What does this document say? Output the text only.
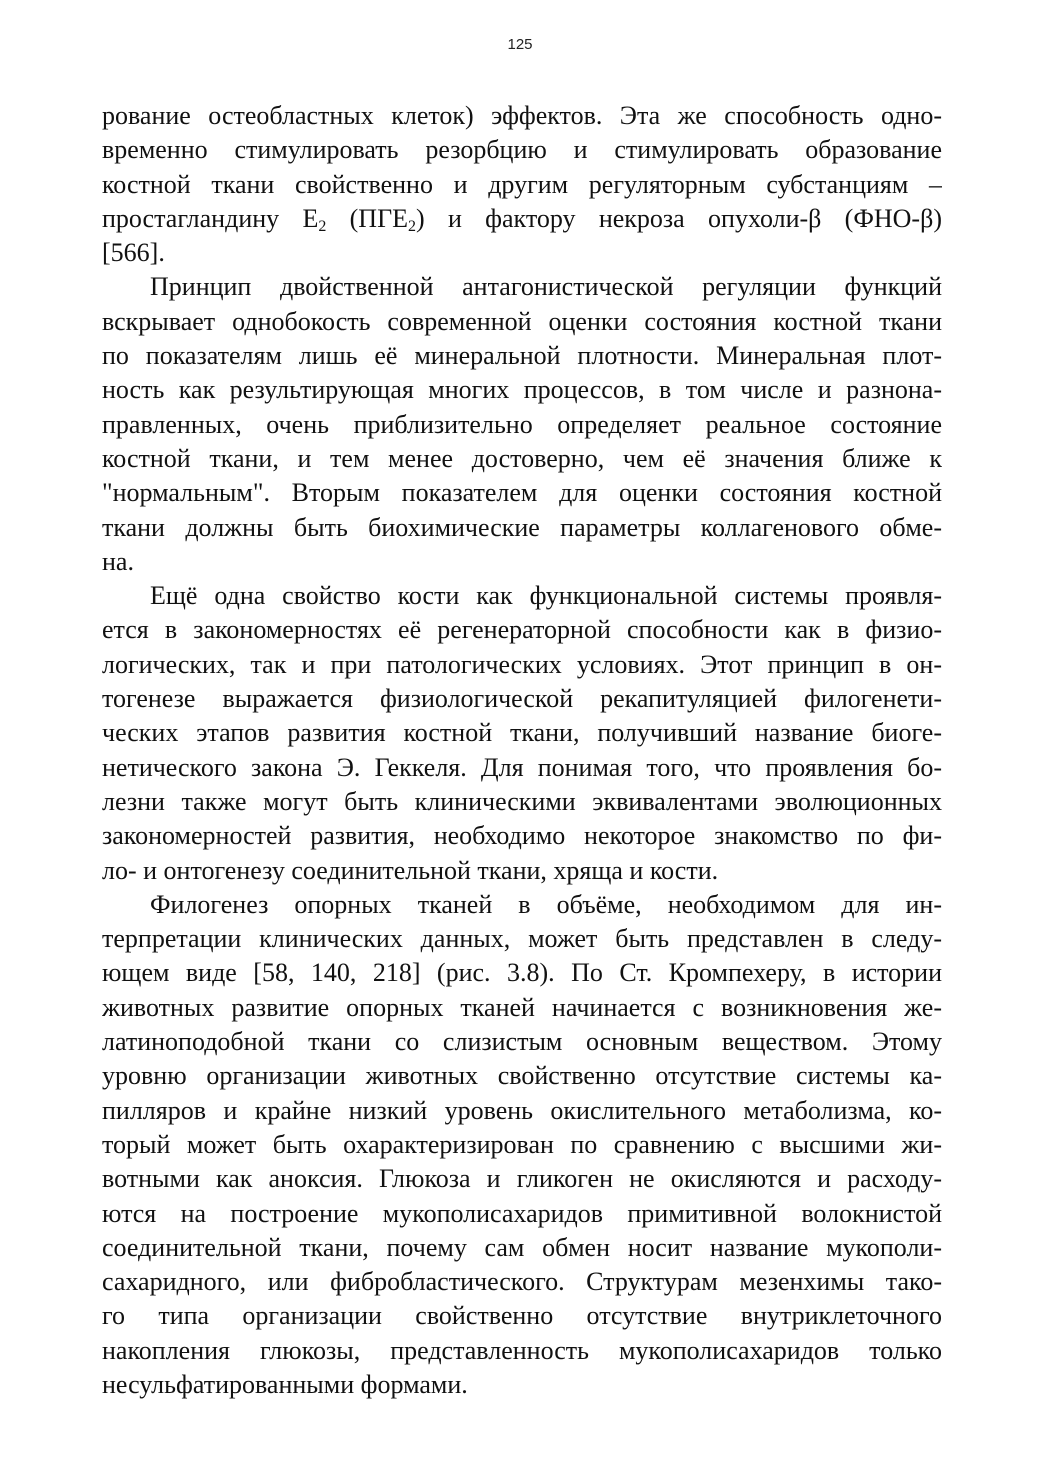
125
рование остеобластных клеток) эффектов. Эта же способность одно-
временно стимулировать резорбцию и стимулировать образование
костной ткани свойственно и другим регуляторным субстанциям –
простагландину $Е_2$ $(ПГЕ_2)$ и фактору некроза опухоли-β (ФНО-β)
[566].
Принцип двойственной антагонистической регуляции функций
вскрывает однобокость современной оценки состояния костной ткани
по показателям лишь её минеральной плотности. Минеральная плот-
ность как результирующая многих процессов, в том числе и разнона-
правленных, очень приблизительно определяет реальное состояние
костной ткани, и тем менее достоверно, чем её значения ближе к
"нормальным". Вторым показателем для оценки состояния костной
ткани должны быть биохимические параметры коллагенового обме-
на.
Ещё одна свойство кости как функциональной системы проявля-
ется в закономерностях её регенераторной способности как в физио-
логических, так и при патологических условиях. Этот принцип в он-
тогенезе выражается физиологической рекапитуляцией филогенети-
ческих этапов развития костной ткани, получивший название биоге-
нетического закона Э. Геккеля. Для понимая того, что проявления бо-
лезни также могут быть клиническими эквивалентами эволюционных
закономерностей развития, необходимо некоторое знакомство по фи-
ло- и онтогенезу соединительной ткани, хряща и кости.
Филогенез опорных тканей в объёме, необходимом для ин-
терпретации клинических данных, может быть представлен в следу-
ющем виде [58, 140, 218] (рис. 3.8). По Ст. Кромпехеру, в истории
животных развитие опорных тканей начинается с возникновения же-
латиноподобной ткани со слизистым основным веществом. Этому
уровню организации животных свойственно отсутствие системы ка-
пилляров и крайне низкий уровень окислительного метаболизма, ко-
торый может быть охарактеризирован по сравнению с высшими жи-
вотными как аноксия. Глюкоза и гликоген не окисляются и расходу-
ются на построение мукополисахаридов примитивной волокнистой
соединительной ткани, почему сам обмен носит название мукополи-
сахаридного, или фибробластического. Структурам мезенхимы тако-
го типа организации свойственно отсутствие внутриклеточного
накопления глюкозы, представленность мукополисахаридов только
несульфатированными формами.
